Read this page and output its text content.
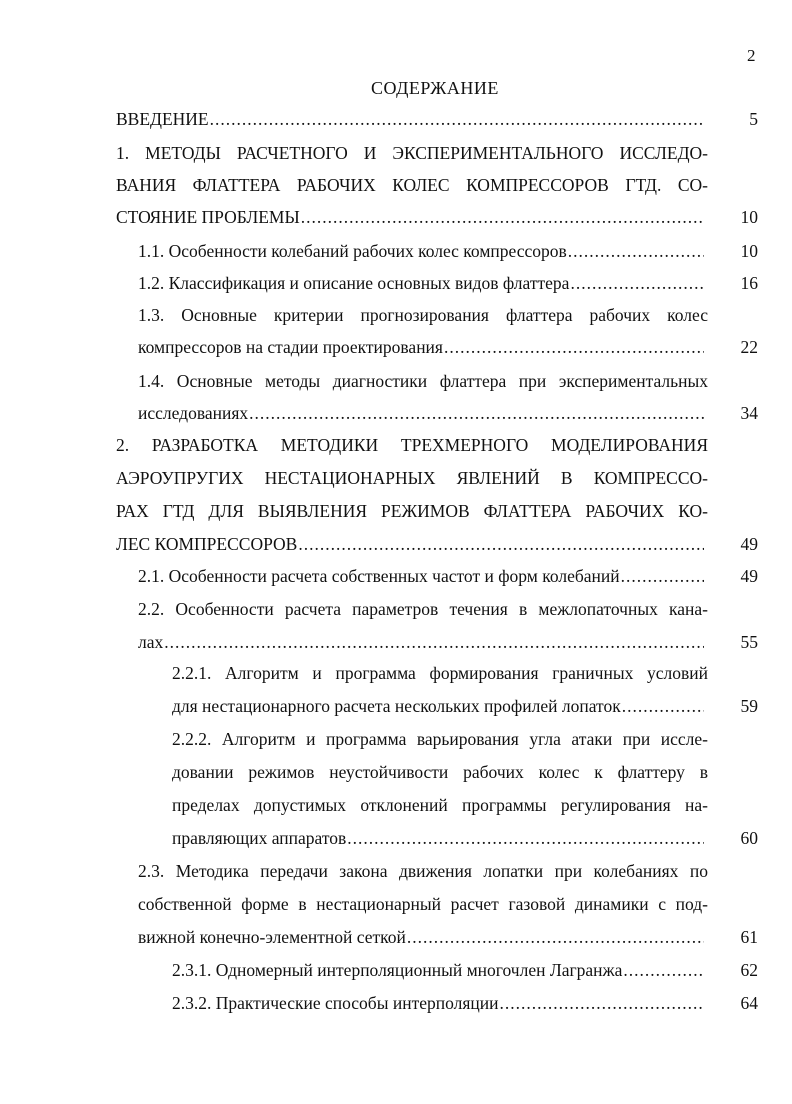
2
СОДЕРЖАНИЕ
ВВЕДЕНИЕ .....	5
1. МЕТОДЫ РАСЧЕТНОГО И ЭКСПЕРИМЕНТАЛЬНОГО ИССЛЕДО-
ВАНИЯ ФЛАТТЕРА РАБОЧИХ КОЛЕС КОМПРЕССОРОВ ГТД. СО-
СТОЯНИЕ ПРОБЛЕМЫ .....	10
1.1. Особенности колебаний рабочих колес компрессоров .....	10
1.2. Классификация и описание основных видов флаттера .....	16
1.3. Основные критерии прогнозирования флаттера рабочих колес
компрессоров на стадии проектирования .....	22
1.4. Основные методы диагностики флаттера при экспериментальных
исследованиях .....	34
2. РАЗРАБОТКА МЕТОДИКИ ТРЕХМЕРНОГО МОДЕЛИРОВАНИЯ
АЭРОУПРУГИХ НЕСТАЦИОНАРНЫХ ЯВЛЕНИЙ В КОМПРЕССО-
РАХ ГТД ДЛЯ ВЫЯВЛЕНИЯ РЕЖИМОВ ФЛАТТЕРА РАБОЧИХ КО-
ЛЕС КОМПРЕССОРОВ .....	49
2.1. Особенности расчета собственных частот и форм колебаний .....	49
2.2. Особенности расчета параметров течения в межлопаточных кана-
лах .....	55
2.2.1. Алгоритм и программа формирования граничных условий
для нестационарного расчета нескольких профилей лопаток .....	59
2.2.2. Алгоритм и программа варьирования угла атаки при иссле-
довании режимов неустойчивости рабочих колес к флаттеру в
пределах допустимых отклонений программы регулирования на-
правляющих аппаратов .....	60
2.3. Методика передачи закона движения лопатки при колебаниях по
собственной форме в нестационарный расчет газовой динамики с под-
вижной конечно-элементной сеткой .....	61
2.3.1. Одномерный интерполяционный многочлен Лагранжа .....	62
2.3.2. Практические способы интерполяции .....	64
